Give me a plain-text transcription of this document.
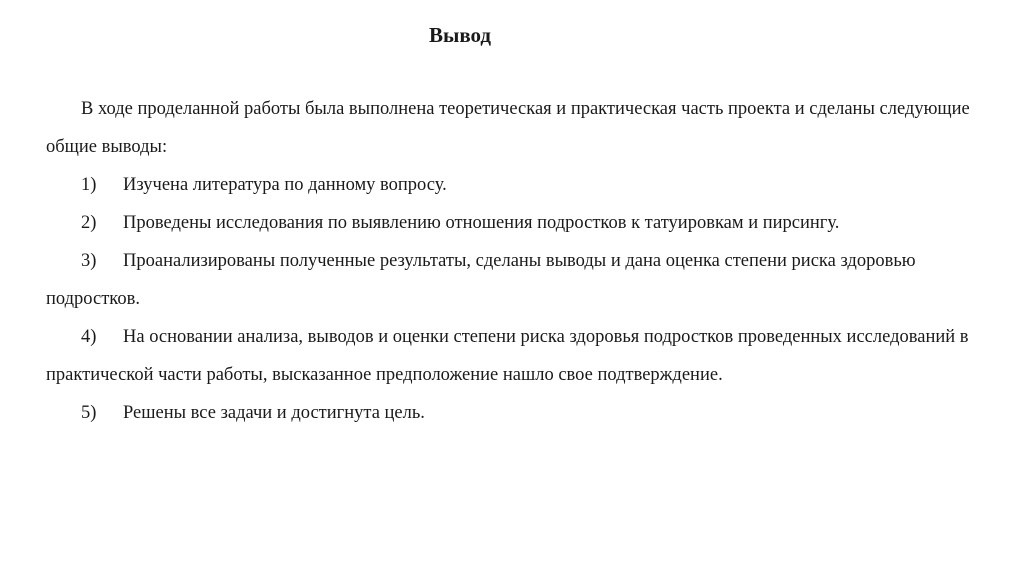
Вывод

В ходе проделанной работы была выполнена теоретическая и практическая часть проекта и сделаны следующие общие выводы:

1) Изучена литература по данному вопросу.

2) Проведены исследования по выявлению отношения подростков к татуировкам и пирсингу.

3) Проанализированы полученные результаты, сделаны выводы и дана оценка степени риска здоровью подростков.

4) На основании анализа, выводов и оценки степени риска здоровья подростков проведенных исследований в практической части работы, высказанное предположение нашло свое подтверждение.

5) Решены все задачи и достигнута цель.
